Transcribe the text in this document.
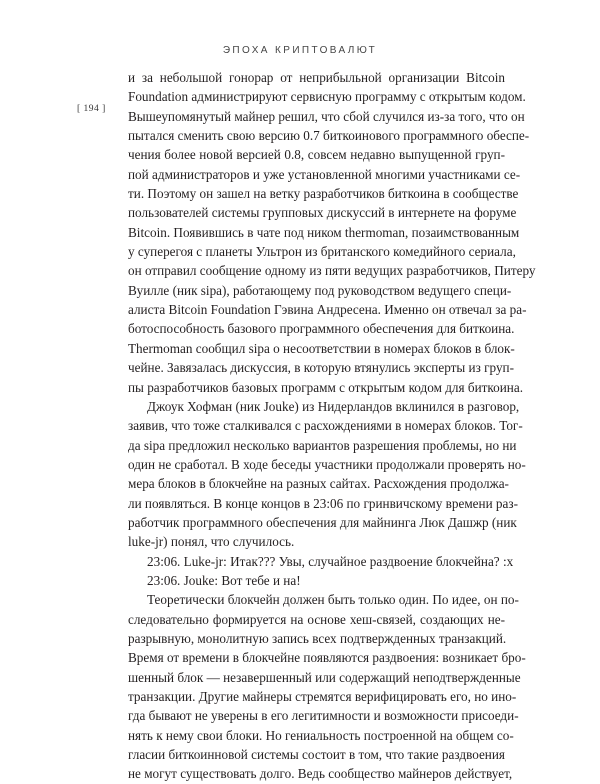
ЭПОХА КРИПТОВАЛЮТ
[ 194 ]
и за небольшой гонорар от неприбыльной организации Bitcoin
Foundation администрируют сервисную программу с открытым кодом.
Вышеупомянутый майнер решил, что сбой случился из-за того, что он
пытался сменить свою версию 0.7 биткоинового программного обеспе-
чения более новой версией 0.8, совсем недавно выпущенной груп-
пой администраторов и уже установленной многими участниками се-
ти. Поэтому он зашел на ветку разработчиков биткоина в сообществе
пользователей системы групповых дискуссий в интернете на форуме
Bitcoin. Появившись в чате под ником thermoman, позаимствованным
у суперегоя с планеты Ультрон из британского комедийного сериала,
он отправил сообщение одному из пяти ведущих разработчиков, Питеру
Вуилле (ник sipa), работающему под руководством ведущего специ-
алиста Bitcoin Foundation Гэвина Андресена. Именно он отвечал за ра-
ботоспособность базового программного обеспечения для биткоина.
Thermoman сообщил sipa о несоответствии в номерах блоков в блок-
чейне. Завязалась дискуссия, в которую втянулись эксперты из груп-
пы разработчиков базовых программ с открытым кодом для биткоина.
Джоук Хофман (ник Jouke) из Нидерландов вклинился в разговор,
заявив, что тоже сталкивался с расхождениями в номерах блоков. Тог-
да sipa предложил несколько вариантов разрешения проблемы, но ни
один не сработал. В ходе беседы участники продолжали проверять но-
мера блоков в блокчейне на разных сайтах. Расхождения продолжа-
ли появляться. В конце концов в 23:06 по гринвичскому времени раз-
работчик программного обеспечения для майнинга Люк Дашжр (ник
luke-jr) понял, что случилось.
23:06. Luke-jr: Итак??? Увы, случайное раздвоение блокчейна? :x
23:06. Jouke: Вот тебе и на!
Теоретически блокчейн должен быть только один. По идее, он по-
следовательно формируется на основе хеш-связей, создающих не-
разрывную, монолитную запись всех подтвержденных транзакций.
Время от времени в блокчейне появляются раздвоения: возникает бро-
шенный блок — незавершенный или содержащий неподтвержденные
транзакции. Другие майнеры стремятся верифицировать его, но ино-
гда бывают не уверены в его легитимности и возможности присоеди-
нять к нему свои блоки. Но гениальность построенной на общем со-
гласии биткоинновой системы состоит в том, что такие раздвоения
не могут существовать долго. Ведь сообщество майнеров действует,
